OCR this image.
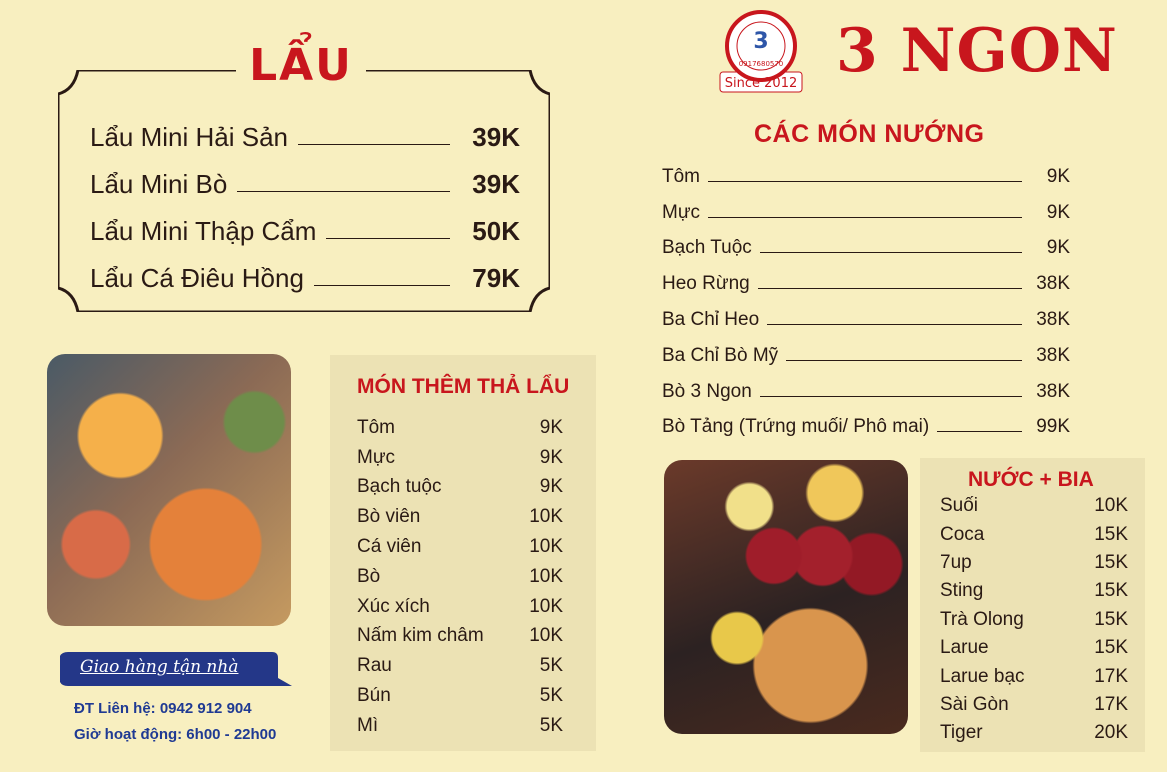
LẨU
Lẩu Mini Hải Sản	39K
Lẩu Mini Bò	39K
Lẩu Mini Thập Cẩm	50K
Lẩu Cá Điêu Hồng	79K
3
0917680570
Since 2012 3 NGON
CÁC MÓN NƯỚNG
Tôm	9K
Mực	9K
Bạch Tuộc	9K
Heo Rừng	38K
Ba Chỉ Heo	38K
Ba Chỉ Bò Mỹ	38K
Bò 3 Ngon	38K
Bò Tảng (Trứng muối/ Phô mai)	99K
MÓN THÊM THẢ LẨU
Tôm	9K
Mực	9K
Bạch tuộc	9K
Bò viên	10K
Cá viên	10K
Bò	10K
Xúc xích	10K
Nấm kim châm 10K
Rau	5K
Bún	5K
Mì	5K
NƯỚC + BIA
Suối	10K
Coca	15K
7up	15K
Sting	15K
Trà Olong	15K
Larue	15K
Larue bạc	17K
Sài Gòn	17K
Tiger	20K
Giao hàng tận nhà
ĐT Liên hệ: 0942 912 904
Giờ hoạt động: 6h00 - 22h00
